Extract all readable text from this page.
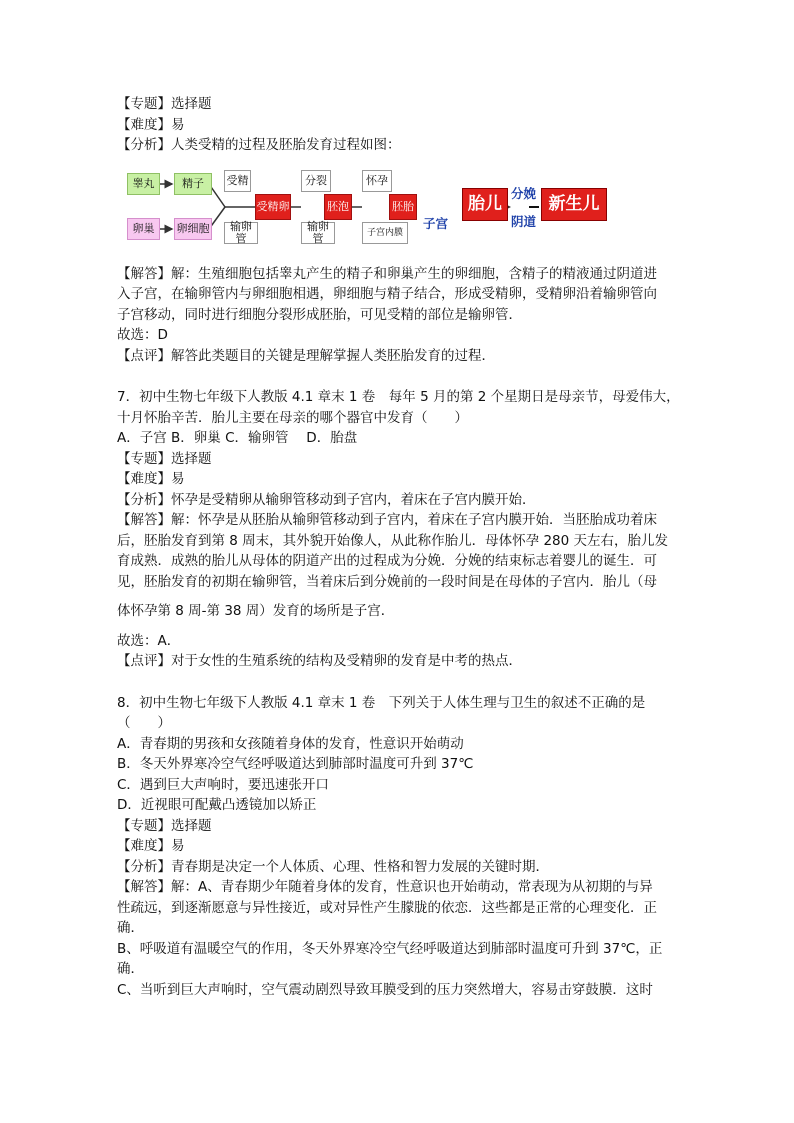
【专题】选择题
【难度】易
【分析】人类受精的过程及胚胎发育过程如图：
睾丸	精子
卵巢	卵细胞
受精
输卵管
受精卵
分裂
输卵管
胚泡
怀孕
子宫内膜
胚胎
子宫
胎儿
分娩
阴道
新生儿
【解答】解：生殖细胞包括睾丸产生的精子和卵巢产生的卵细胞，含精子的精液通过阴道进
入子宫，在输卵管内与卵细胞相遇，卵细胞与精子结合，形成受精卵，受精卵沿着输卵管向
子宫移动，同时进行细胞分裂形成胚胎，可见受精的部位是输卵管．
故选：D
【点评】解答此类题目的关键是理解掌握人类胚胎发育的过程．
7．初中生物七年级下人教版 4.1 章末 1 卷　每年 5 月的第 2 个星期日是母亲节，母爱伟大，
十月怀胎辛苦．胎儿主要在母亲的哪个器官中发育（　　）
A．子宫 B．卵巢 C．输卵管　 D．胎盘
【专题】选择题
【难度】易
【分析】怀孕是受精卵从输卵管移动到子宫内，着床在子宫内膜开始．
【解答】解：怀孕是从胚胎从输卵管移动到子宫内，着床在子宫内膜开始．当胚胎成功着床
后，胚胎发育到第 8 周末，其外貌开始像人，从此称作胎儿．母体怀孕 280 天左右，胎儿发
育成熟．成熟的胎儿从母体的阴道产出的过程成为分娩．分娩的结束标志着婴儿的诞生．可
见，胚胎发育的初期在输卵管，当着床后到分娩前的一段时间是在母体的子宫内．胎儿（母
体怀孕第 8 周-第 38 周）发育的场所是子宫．
故选：A．
【点评】对于女性的生殖系统的结构及受精卵的发育是中考的热点．
8．初中生物七年级下人教版 4.1 章末 1 卷　下列关于人体生理与卫生的叙述不正确的是
（　　）
A．青春期的男孩和女孩随着身体的发育，性意识开始萌动
B．冬天外界寒冷空气经呼吸道达到肺部时温度可升到 37℃
C．遇到巨大声响时，要迅速张开口
D．近视眼可配戴凸透镜加以矫正
【专题】选择题
【难度】易
【分析】青春期是决定一个人体质、心理、性格和智力发展的关键时期．
【解答】解：A、青春期少年随着身体的发育，性意识也开始萌动，常表现为从初期的与异
性疏远，到逐渐愿意与异性接近，或对异性产生朦胧的依恋．这些都是正常的心理变化．正
确．
B、呼吸道有温暖空气的作用，冬天外界寒冷空气经呼吸道达到肺部时温度可升到 37℃，正
确．
C、当听到巨大声响时，空气震动剧烈导致耳膜受到的压力突然增大，容易击穿鼓膜．这时
